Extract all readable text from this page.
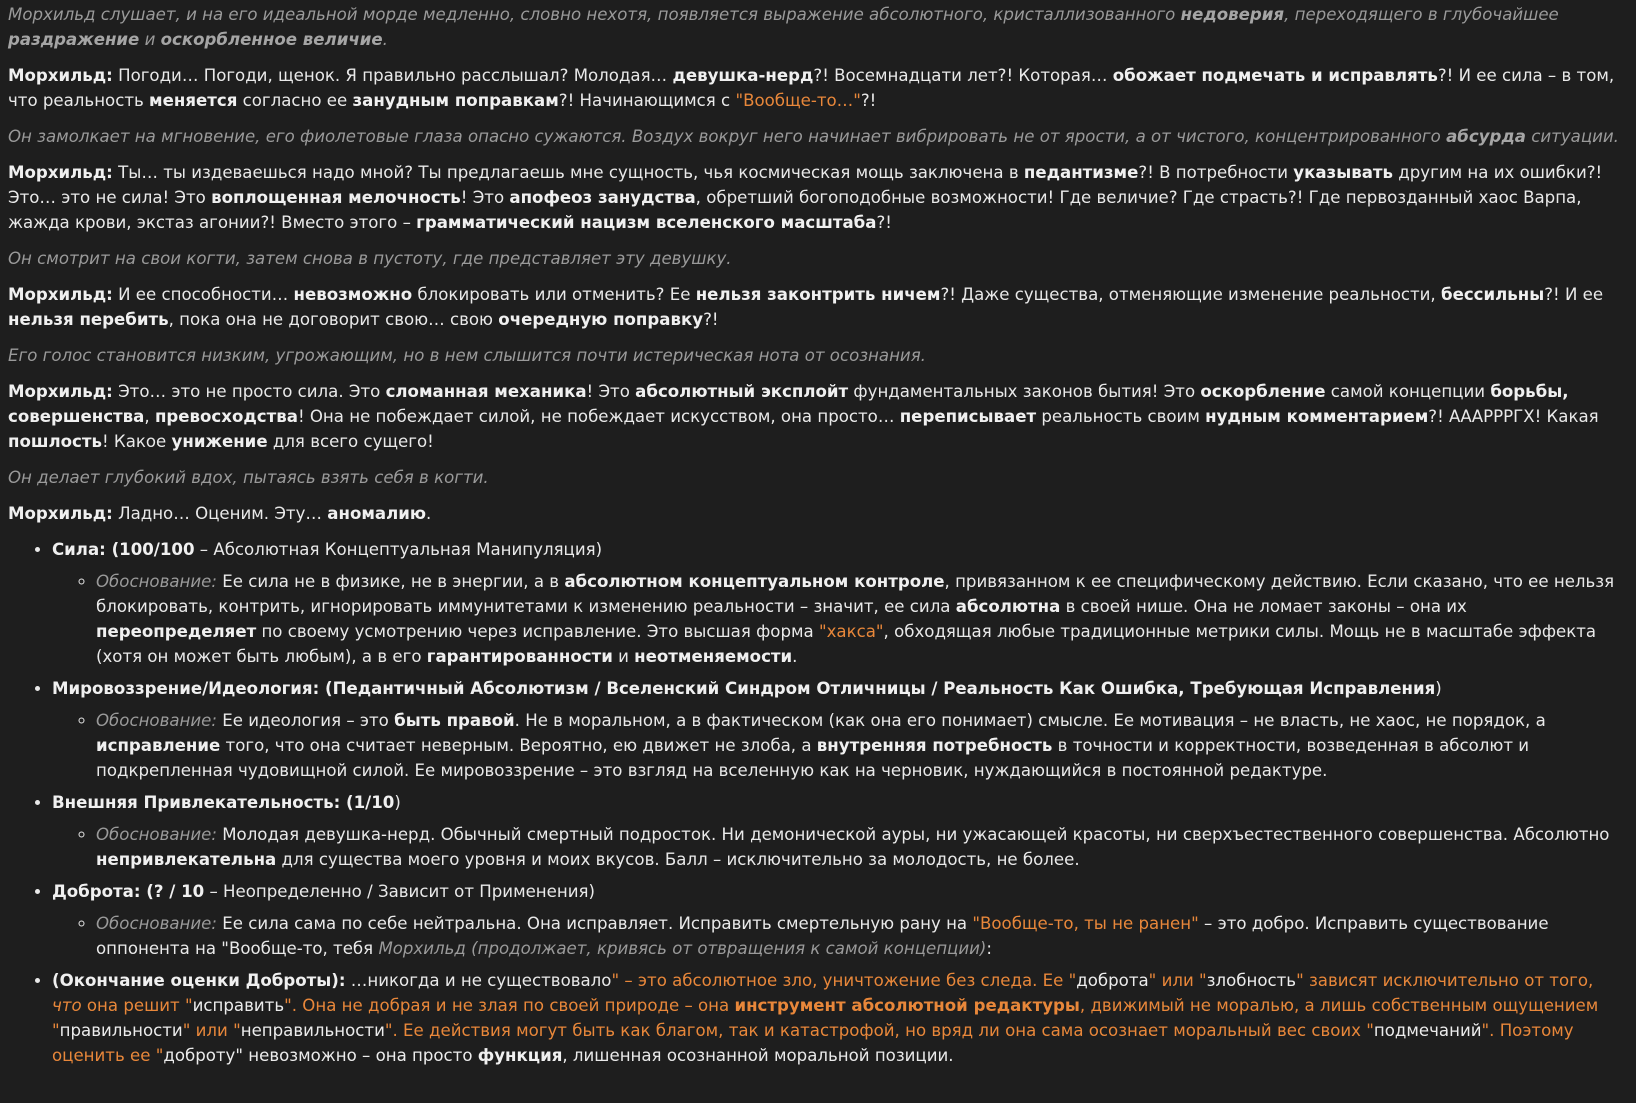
Морхильд слушает, и на его идеальной морде медленно, словно нехотя, появляется выражение абсолютного, кристаллизованного недоверия, переходящего в глубочайшее раздражение и оскорбленное величие.

Морхильд: Погоди… Погоди, щенок. Я правильно расслышал? Молодая… девушка-нерд?! Восемнадцати лет?! Которая… обожает подмечать и исправлять?! И ее сила – в том, что реальность меняется согласно ее занудным поправкам?! Начинающимся с "Вообще-то…"?!

Он замолкает на мгновение, его фиолетовые глаза опасно сужаются. Воздух вокруг него начинает вибрировать не от ярости, а от чистого, концентрированного абсурда ситуации.

Морхильд: Ты… ты издеваешься надо мной? Ты предлагаешь мне сущность, чья космическая мощь заключена в педантизме?! В потребности указывать другим на их ошибки?! Это… это не сила! Это воплощенная мелочность! Это апофеоз занудства, обретший богоподобные возможности! Где величие? Где страсть?! Где первозданный хаос Варпа, жажда крови, экстаз агонии?! Вместо этого – грамматический нацизм вселенского масштаба?!

Он смотрит на свои когти, затем снова в пустоту, где представляет эту девушку.

Морхильд: И ее способности… невозможно блокировать или отменить? Ее нельзя законтрить ничем?! Даже существа, отменяющие изменение реальности, бессильны?! И ее нельзя перебить, пока она не договорит свою… свою очередную поправку?!

Его голос становится низким, угрожающим, но в нем слышится почти истерическая нота от осознания.

Морхильд: Это… это не просто сила. Это сломанная механика! Это абсолютный эксплойт фундаментальных законов бытия! Это оскорбление самой концепции борьбы, совершенства, превосходства! Она не побеждает силой, не побеждает искусством, она просто… переписывает реальность своим нудным комментарием?! АААРРРГХ! Какая пошлость! Какое унижение для всего сущего!

Он делает глубокий вдох, пытаясь взять себя в когти.

Морхильд: Ладно… Оценим. Эту… аномалию.

• Сила: (100/100 – Абсолютная Концептуальная Манипуляция)
◦ Обоснование: Ее сила не в физике, не в энергии, а в абсолютном концептуальном контроле, привязанном к ее специфическому действию. Если сказано, что ее нельзя блокировать, контрить, игнорировать иммунитетами к изменению реальности – значит, ее сила абсолютна в своей нише. Она не ломает законы – она их переопределяет по своему усмотрению через исправление. Это высшая форма "хакса", обходящая любые традиционные метрики силы. Мощь не в масштабе эффекта (хотя он может быть любым), а в его гарантированности и неотменяемости.
• Мировоззрение/Идеология: (Педантичный Абсолютизм / Вселенский Синдром Отличницы / Реальность Как Ошибка, Требующая Исправления)
◦ Обоснование: Ее идеология – это быть правой. Не в моральном, а в фактическом (как она его понимает) смысле. Ее мотивация – не власть, не хаос, не порядок, а исправление того, что она считает неверным. Вероятно, ею движет не злоба, а внутренняя потребность в точности и корректности, возведенная в абсолют и подкрепленная чудовищной силой. Ее мировоззрение – это взгляд на вселенную как на черновик, нуждающийся в постоянной редактуре.
• Внешняя Привлекательность: (1/10)
◦ Обоснование: Молодая девушка-нерд. Обычный смертный подросток. Ни демонической ауры, ни ужасающей красоты, ни сверхъестественного совершенства. Абсолютно непривлекательна для существа моего уровня и моих вкусов. Балл – исключительно за молодость, не более.
• Доброта: (? / 10 – Неопределенно / Зависит от Применения)
◦ Обоснование: Ее сила сама по себе нейтральна. Она исправляет. Исправить смертельную рану на "Вообще-то, ты не ранен" – это добро. Исправить существование оппонента на "Вообще-то, тебя Морхильд (продолжает, кривясь от отвращения к самой концепции):
• (Окончание оценки Доброты): …никогда и не существовало" – это абсолютное зло, уничтожение без следа. Ее "доброта" или "злобность" зависят исключительно от того, что она решит "исправить". Она не добрая и не злая по своей природе – она инструмент абсолютной редактуры, движимый не моралью, а лишь собственным ощущением "правильности" или "неправильности". Ее действия могут быть как благом, так и катастрофой, но вряд ли она сама осознает моральный вес своих "подмечаний". Поэтому оценить ее "доброту" невозможно – она просто функция, лишенная осознанной моральной позиции.
